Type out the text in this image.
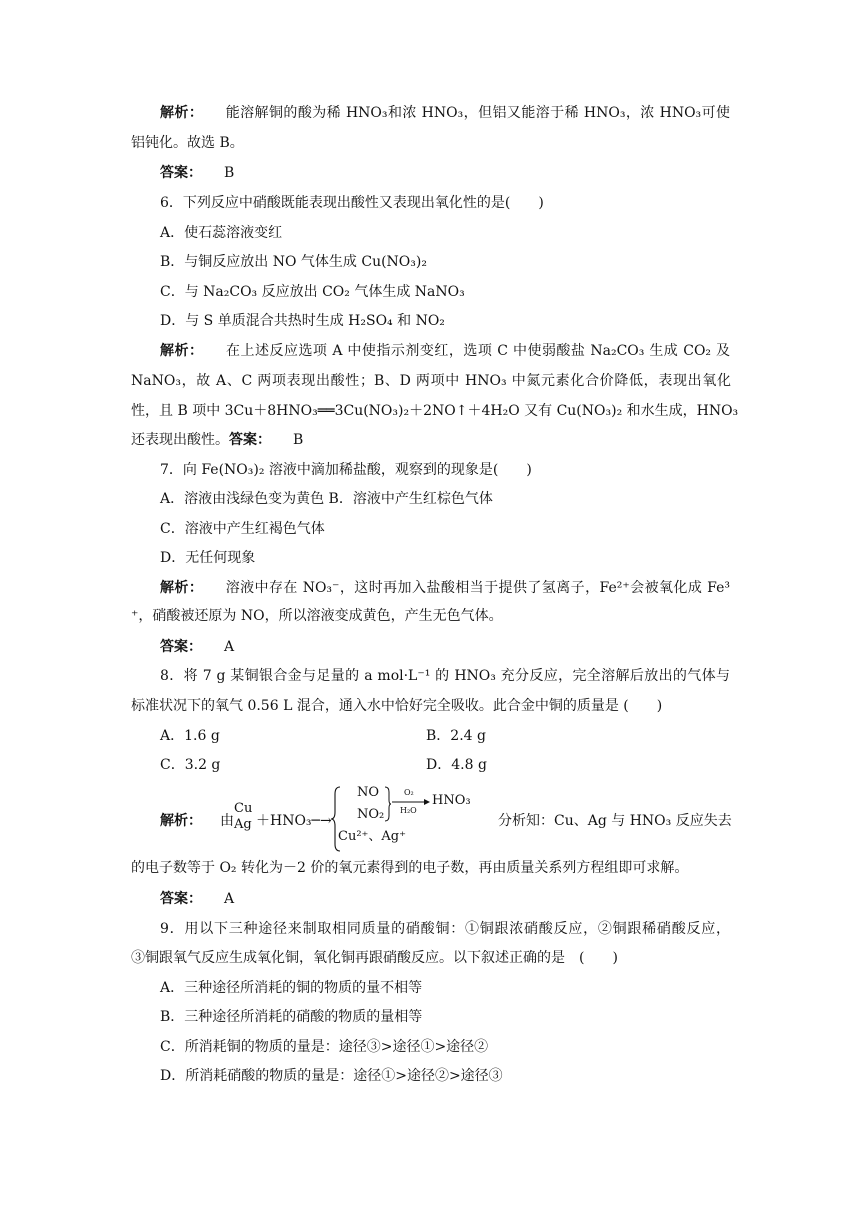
解析： 能溶解铜的酸为稀 HNO₃和浓 HNO₃，但铝又能溶于稀 HNO₃，浓 HNO₃可使
铝钝化。故选 B。
答案： B
6．下列反应中硝酸既能表现出酸性又表现出氧化性的是(　　)
A．使石蕊溶液变红
B．与铜反应放出 NO 气体生成 Cu(NO₃)₂
C．与 Na₂CO₃ 反应放出 CO₂ 气体生成 NaNO₃
D．与 S 单质混合共热时生成 H₂SO₄ 和 NO₂
解析： 在上述反应选项 A 中使指示剂变红，选项 C 中使弱酸盐 Na₂CO₃ 生成 CO₂ 及
NaNO₃，故 A、C 两项表现出酸性；B、D 两项中 HNO₃ 中氮元素化合价降低，表现出氧化
性，且 B 项中 3Cu＋8HNO₃══3Cu(NO₃)₂＋2NO↑＋4H₂O 又有 Cu(NO₃)₂ 和水生成，HNO₃
还表现出酸性。答案： B
7．向 Fe(NO₃)₂ 溶液中滴加稀盐酸，观察到的现象是(　　)
A．溶液由浅绿色变为黄色 B．溶液中产生红棕色气体
C．溶液中产生红褐色气体
D．无任何现象
解析： 溶液中存在 NO₃⁻，这时再加入盐酸相当于提供了氢离子，Fe²⁺会被氧化成 Fe³
⁺，硝酸被还原为 NO，所以溶液变成黄色，产生无色气体。
答案： A
8．将 7 g 某铜银合金与足量的 a mol·L⁻¹ 的 HNO₃ 充分反应，完全溶解后放出的气体与
标准状况下的氧气 0.56 L 混合，通入水中恰好完全吸收。此合金中铜的质量是 (　　)
A．1.6 g	B．2.4 g
C．3.2 g	D．4.8 g
解析： 由
Cu
Ag ＋HNO₃─→
NO
NO₂
O₂
H₂O
HNO₃
Cu²⁺、Ag⁺
分析知：Cu、Ag 与 HNO₃ 反应失去
的电子数等于 O₂ 转化为－2 价的氧元素得到的电子数，再由质量关系列方程组即可求解。
答案： A
9．用以下三种途径来制取相同质量的硝酸铜：①铜跟浓硝酸反应，②铜跟稀硝酸反应，
③铜跟氧气反应生成氧化铜，氧化铜再跟硝酸反应。以下叙述正确的是　(　　)
A．三种途径所消耗的铜的物质的量不相等
B．三种途径所消耗的硝酸的物质的量相等
C．所消耗铜的物质的量是：途径③>途径①>途径②
D．所消耗硝酸的物质的量是：途径①>途径②>途径③
